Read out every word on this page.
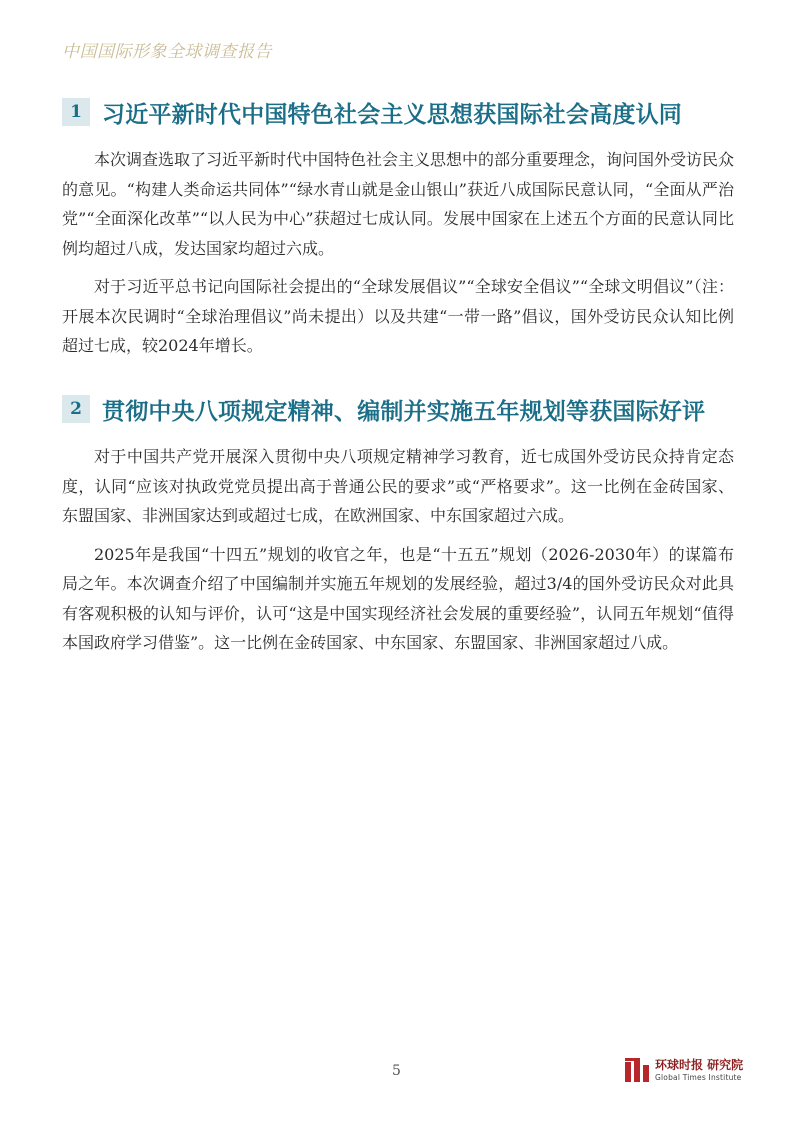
中国国际形象全球调查报告
1 习近平新时代中国特色社会主义思想获国际社会高度认同

本次调查选取了习近平新时代中国特色社会主义思想中的部分重要理念，询问国外受访民众的意见。“构建人类命运共同体”“绿水青山就是金山银山”获近八成国际民意认同，“全面从严治党”“全面深化改革”“以人民为中心”获超过七成认同。发展中国家在上述五个方面的民意认同比例均超过八成，发达国家均超过六成。

对于习近平总书记向国际社会提出的“全球发展倡议”“全球安全倡议”“全球文明倡议”（注：开展本次民调时“全球治理倡议”尚未提出）以及共建“一带一路”倡议，国外受访民众认知比例超过七成，较2024年增长。

2 贯彻中央八项规定精神、编制并实施五年规划等获国际好评

对于中国共产党开展深入贯彻中央八项规定精神学习教育，近七成国外受访民众持肯定态度，认同“应该对执政党党员提出高于普通公民的要求”或“严格要求”。这一比例在金砖国家、东盟国家、非洲国家达到或超过七成，在欧洲国家、中东国家超过六成。

2025年是我国“十四五”规划的收官之年，也是“十五五”规划（2026-2030年）的谋篇布局之年。本次调查介绍了中国编制并实施五年规划的发展经验，超过3/4的国外受访民众对此具有客观积极的认知与评价，认可“这是中国实现经济社会发展的重要经验”，认同五年规划“值得本国政府学习借鉴”。这一比例在金砖国家、中东国家、东盟国家、非洲国家超过八成。

5	环球时报 研究院
Global Times Institute
